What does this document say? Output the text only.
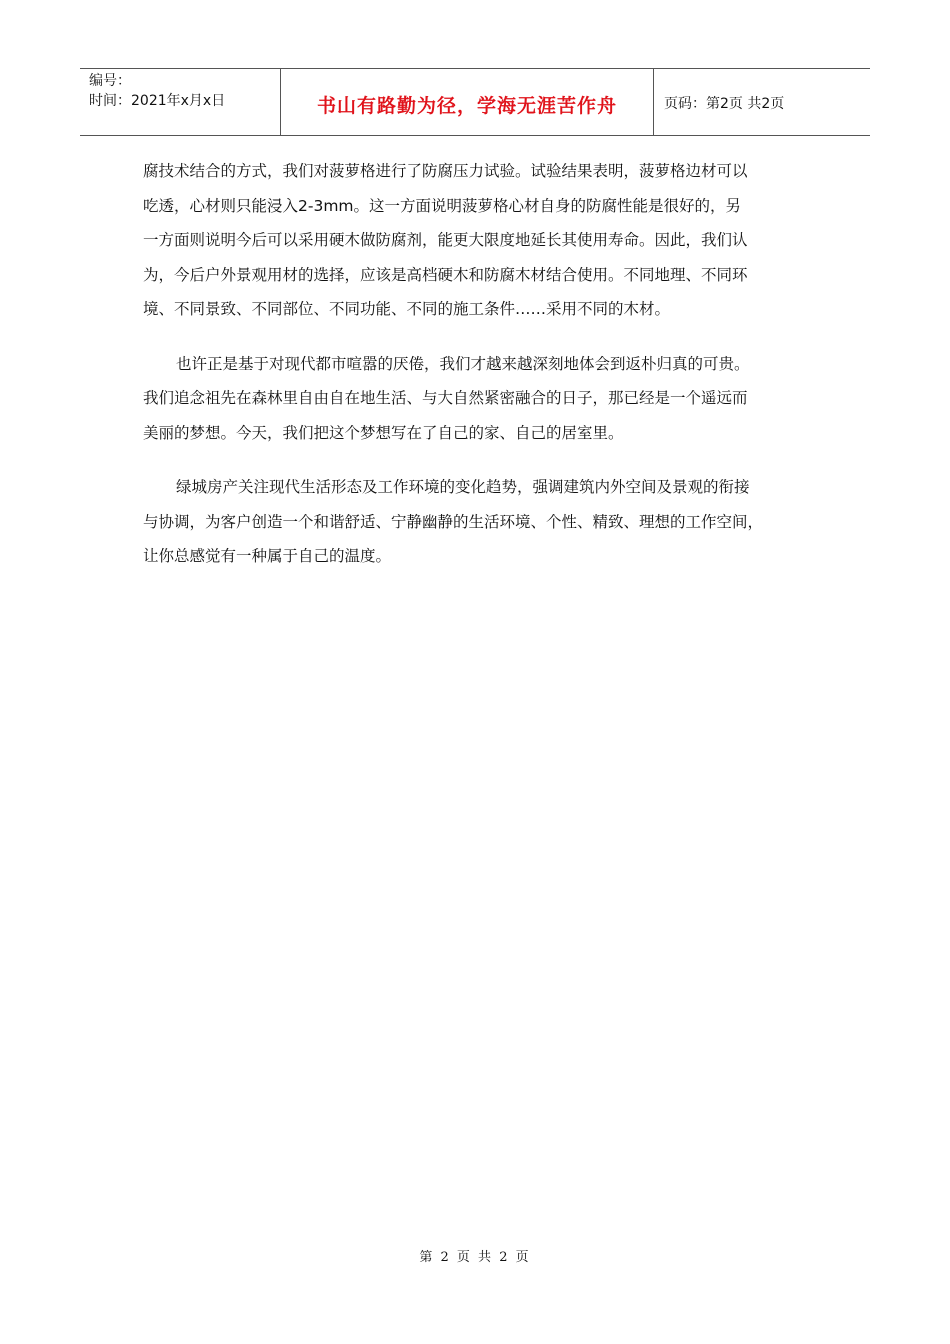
编号：
时间：2021年x月x日	书山有路勤为径，学海无涯苦作舟	页码：第2页 共2页

腐技术结合的方式，我们对菠萝格进行了防腐压力试验。试验结果表明，菠萝格边材可以
吃透，心材则只能浸入2-3mm。这一方面说明菠萝格心材自身的防腐性能是很好的，另
一方面则说明今后可以采用硬木做防腐剂，能更大限度地延长其使用寿命。因此，我们认
为，今后户外景观用材的选择，应该是高档硬木和防腐木材结合使用。不同地理、不同环
境、不同景致、不同部位、不同功能、不同的施工条件……采用不同的木材。

也许正是基于对现代都市喧嚣的厌倦，我们才越来越深刻地体会到返朴归真的可贵。
我们追念祖先在森林里自由自在地生活、与大自然紧密融合的日子，那已经是一个遥远而
美丽的梦想。今天，我们把这个梦想写在了自己的家、自己的居室里。

绿城房产关注现代生活形态及工作环境的变化趋势，强调建筑内外空间及景观的衔接
与协调，为客户创造一个和谐舒适、宁静幽静的生活环境、个性、精致、理想的工作空间，
让你总感觉有一种属于自己的温度。

第 2 页 共 2 页
